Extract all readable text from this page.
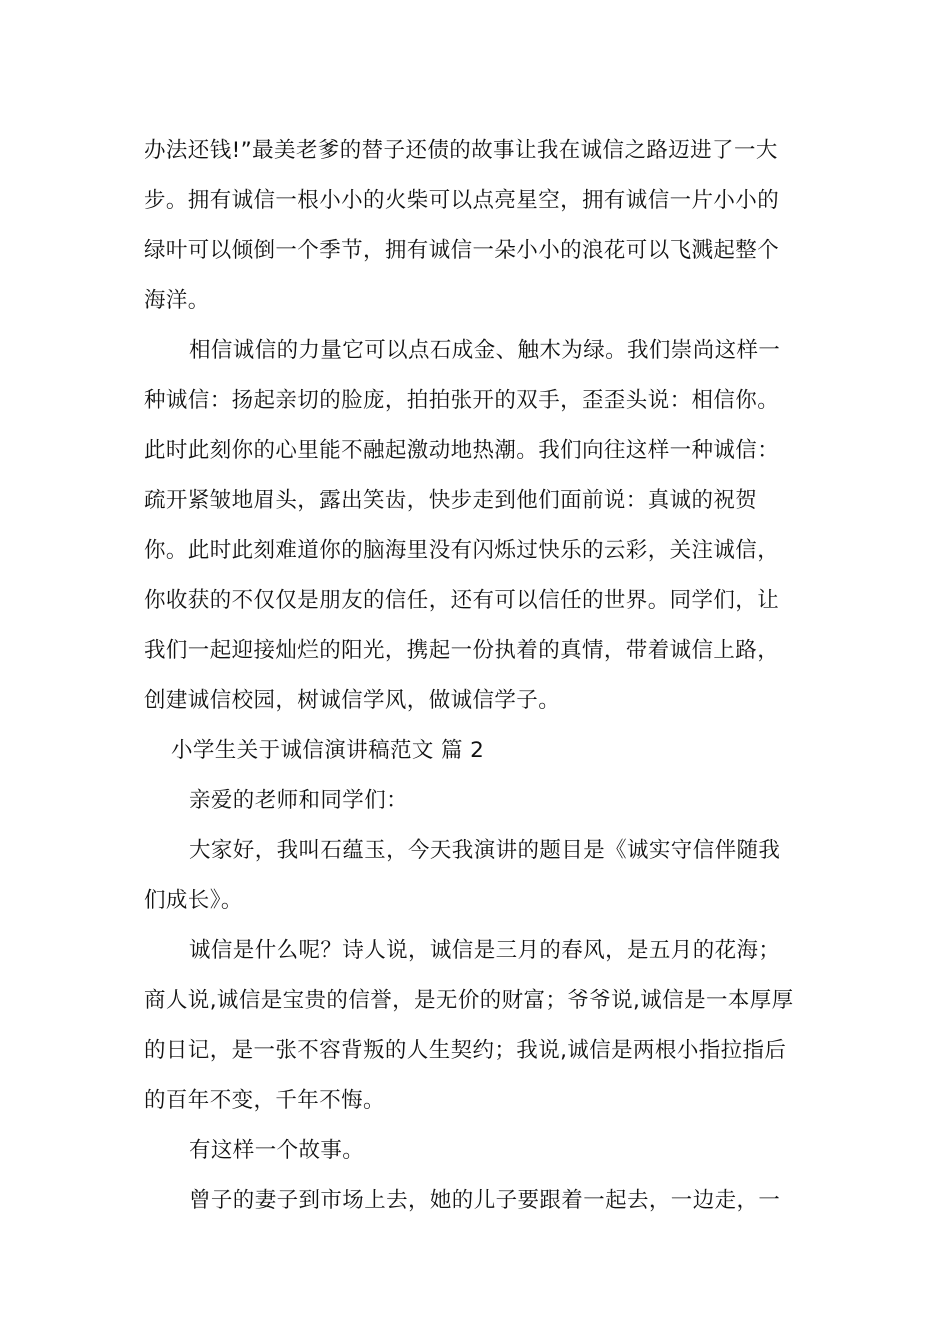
办法还钱!”最美老爹的替子还债的故事让我在诚信之路迈进了一大
步。拥有诚信一根小小的火柴可以点亮星空，拥有诚信一片小小的
绿叶可以倾倒一个季节，拥有诚信一朵小小的浪花可以飞溅起整个
海洋。
相信诚信的力量它可以点石成金、触木为绿。我们崇尚这样一
种诚信：扬起亲切的脸庞，拍拍张开的双手，歪歪头说：相信你。
此时此刻你的心里能不融起激动地热潮。我们向往这样一种诚信：
疏开紧皱地眉头，露出笑齿，快步走到他们面前说：真诚的祝贺
你。此时此刻难道你的脑海里没有闪烁过快乐的云彩，关注诚信，
你收获的不仅仅是朋友的信任，还有可以信任的世界。同学们，让
我们一起迎接灿烂的阳光，携起一份执着的真情，带着诚信上路，
创建诚信校园，树诚信学风，做诚信学子。
小学生关于诚信演讲稿范文 篇 2
亲爱的老师和同学们：
大家好，我叫石蕴玉，今天我演讲的题目是《诚实守信伴随我
们成长》。
诚信是什么呢？诗人说，诚信是三月的春风，是五月的花海；
商人说,诚信是宝贵的信誉，是无价的财富；爷爷说,诚信是一本厚厚
的日记，是一张不容背叛的人生契约；我说,诚信是两根小指拉指后
的百年不变，千年不悔。
有这样一个故事。
曾子的妻子到市场上去，她的儿子要跟着一起去，一边走，一
